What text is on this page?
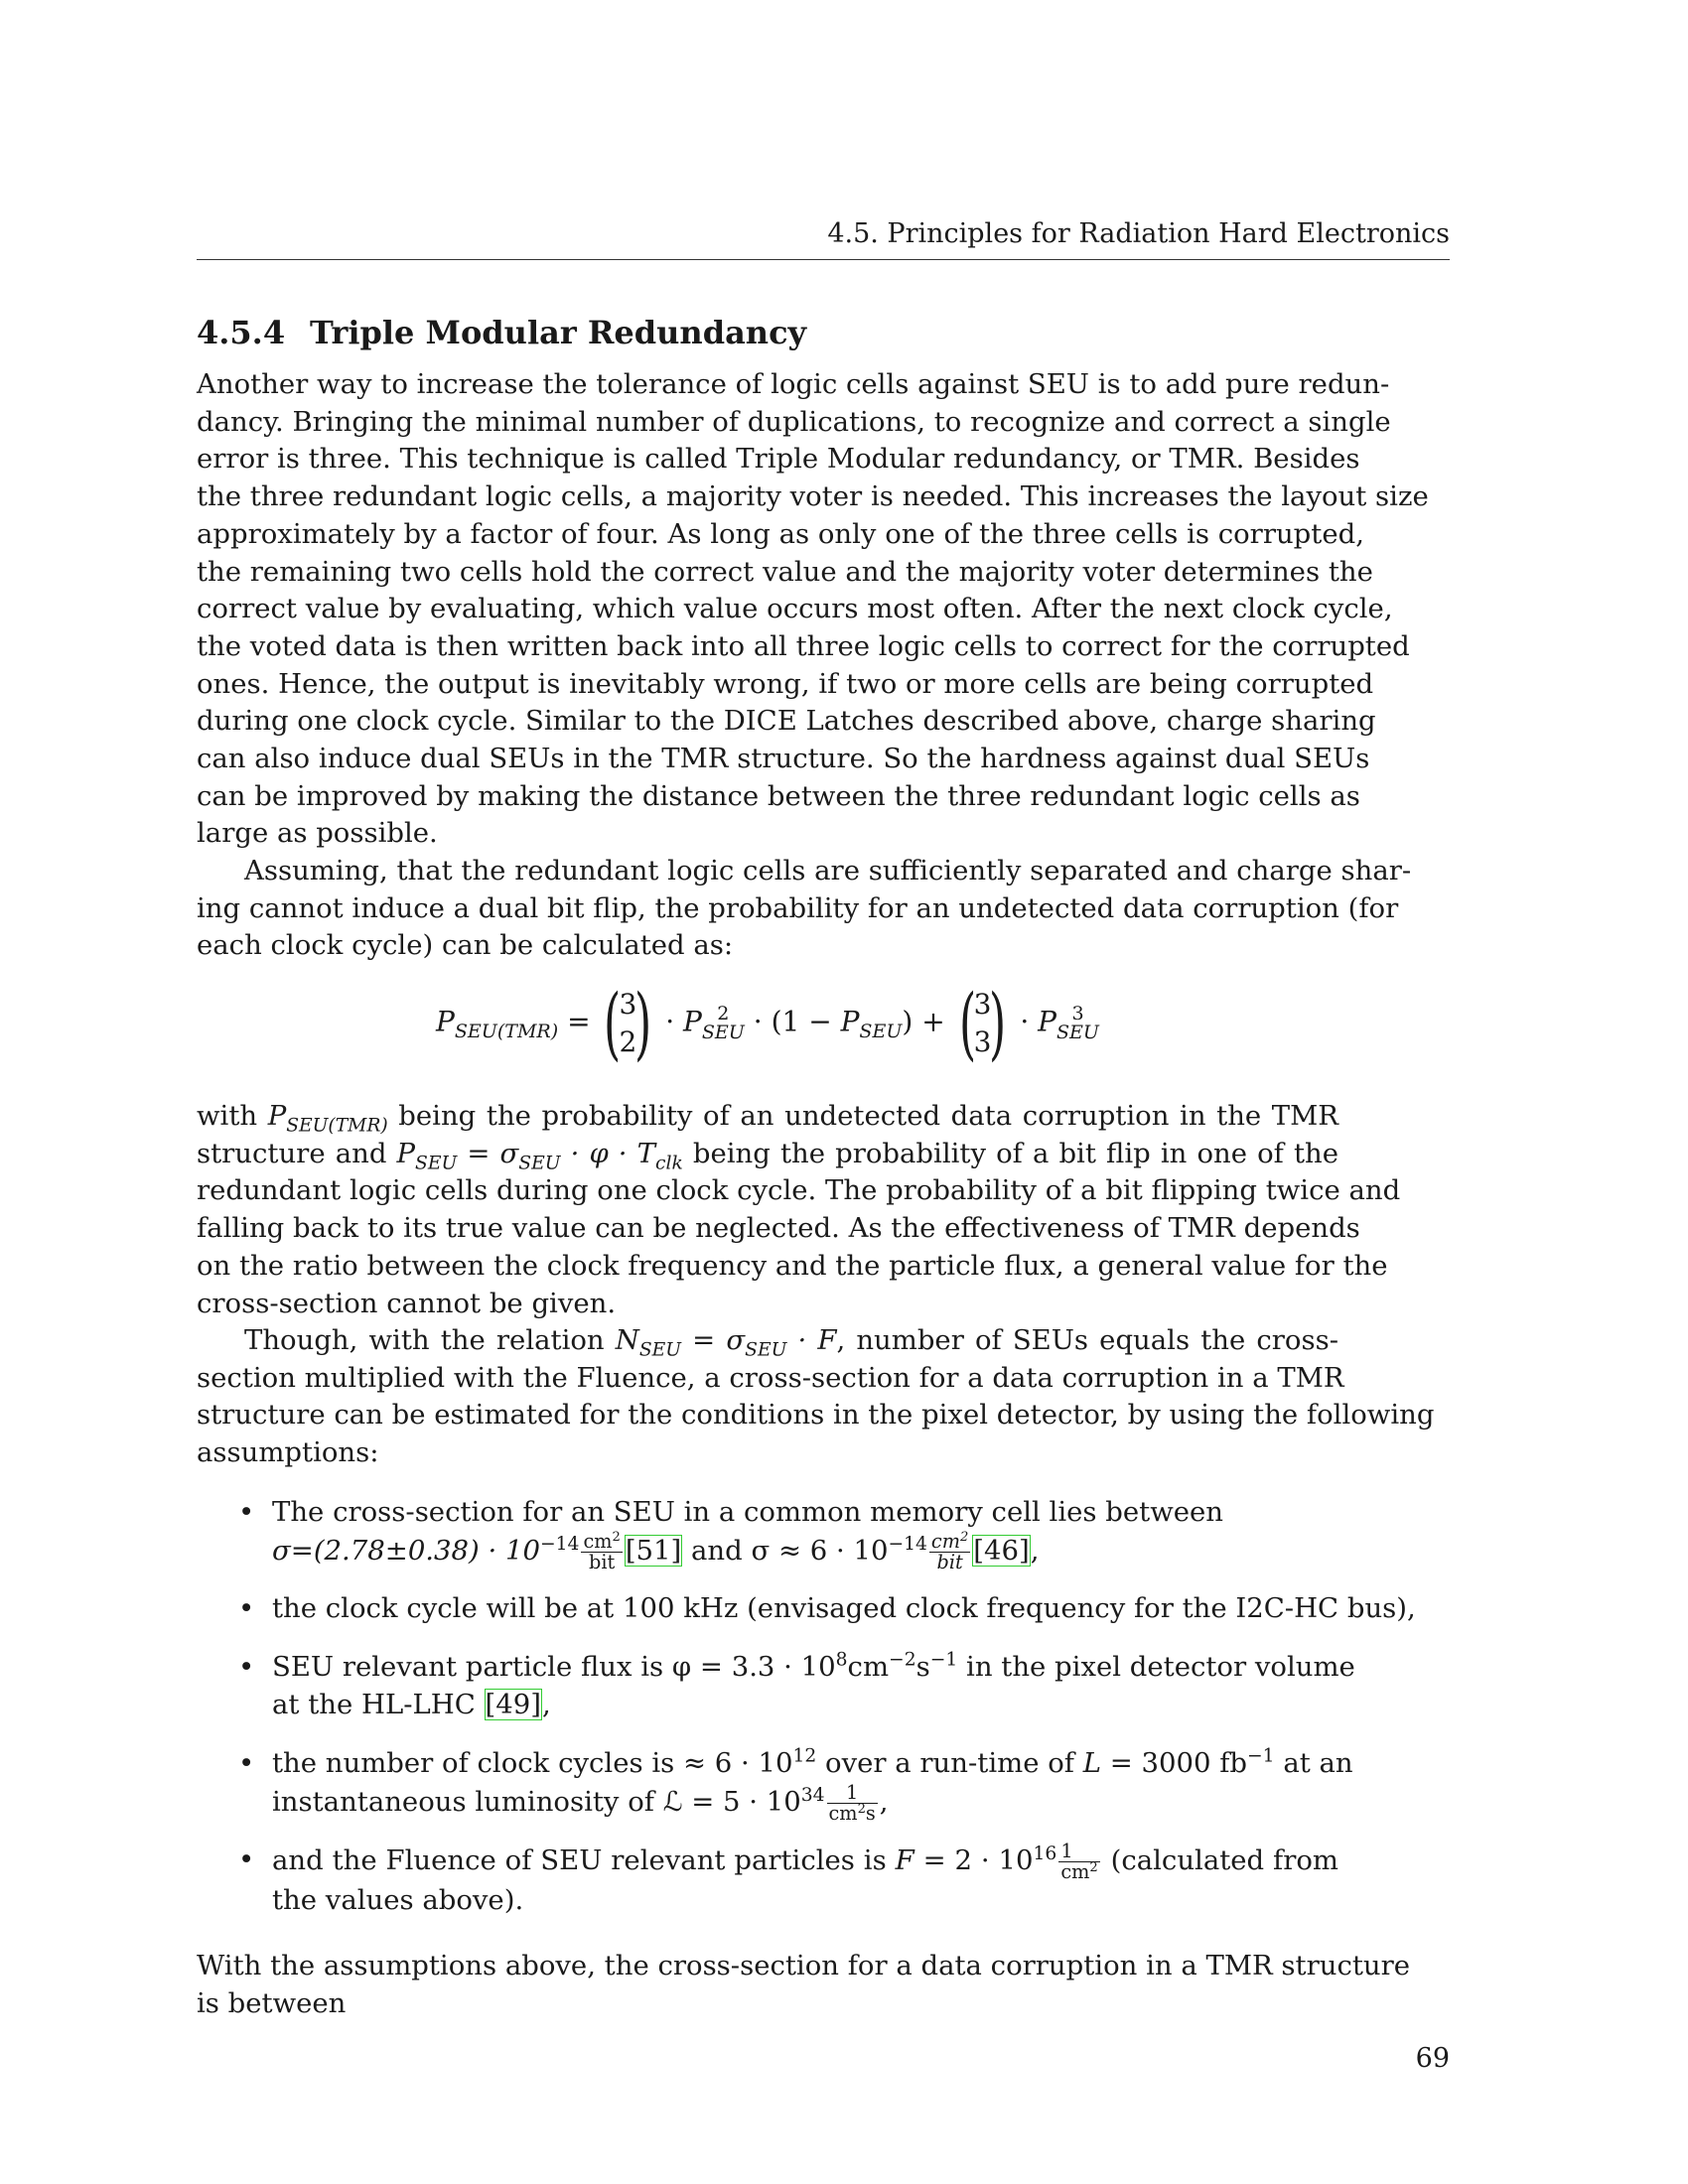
4.5. Principles for Radiation Hard Electronics
4.5.4 Triple Modular Redundancy
Another way to increase the tolerance of logic cells against SEU is to add pure redun-
dancy. Bringing the minimal number of duplications, to recognize and correct a single
error is three. This technique is called Triple Modular redundancy, or TMR. Besides
the three redundant logic cells, a majority voter is needed. This increases the layout size
approximately by a factor of four. As long as only one of the three cells is corrupted,
the remaining two cells hold the correct value and the majority voter determines the
correct value by evaluating, which value occurs most often. After the next clock cycle,
the voted data is then written back into all three logic cells to correct for the corrupted
ones. Hence, the output is inevitably wrong, if two or more cells are being corrupted
during one clock cycle. Similar to the DICE Latches described above, charge sharing
can also induce dual SEUs in the TMR structure. So the hardness against dual SEUs
can be improved by making the distance between the three redundant logic cells as
large as possible.
Assuming, that the redundant logic cells are sufficiently separated and charge shar-
ing cannot induce a dual bit flip, the probability for an undetected data corruption (for
each clock cycle) can be calculated as:
$P_{SEU(TMR)}$ = (
3
2
) · P 2
SEU · $(1 - P_{SEU})$ + (
3
3
) · P 3
SEU
with $P_{SEU(TMR)}$ being the probability of an undetected data corruption in the TMR
structure and $P_{SEU} = \sigma_{SEU} \cdot \varphi \cdot T_{clk}$ being the probability of a bit flip in one of the
redundant logic cells during one clock cycle. The probability of a bit flipping twice and
falling back to its true value can be neglected. As the effectiveness of TMR depends
on the ratio between the clock frequency and the particle flux, a general value for the
cross-section cannot be given.
Though, with the relation $N_{SEU} = \sigma_{SEU} \cdot F$, number of SEUs equals the cross-
section multiplied with the Fluence, a cross-section for a data corruption in a TMR
structure can be estimated for the conditions in the pixel detector, by using the following
assumptions:
• The cross-section for an SEU in a common memory cell lies between
$\sigma=(2.78\pm 0.38) \cdot 10^{-14} \frac{cm^2}{\text{bit}} [51]$ and $\sigma \approx 6 \cdot 10^{-14} \frac{cm^2}{\text{bit}} [46]$,
• the clock cycle will be at 100 kHz (envisaged clock frequency for the I2C-HC bus),
• SEU relevant particle flux is $\varphi = 3.3 \cdot 10^8cm^{-2}s^{-1}$ in the pixel detector volume
at the HL-LHC [49],
• the number of clock cycles is ≈ $6 \cdot 10^{12}$ over a run-time of L = 3000 $fb^{-1}$ at an
instantaneous luminosity of ℒ = $5 \cdot 10^{34} \frac{1}{cm^2s}$ ,
• and the Fluence of SEU relevant particles is $F = 2 \cdot 10^{16} \frac{1}{cm^2}$ (calculated from
the values above).
With the assumptions above, the cross-section for a data corruption in a TMR structure
is between
69
